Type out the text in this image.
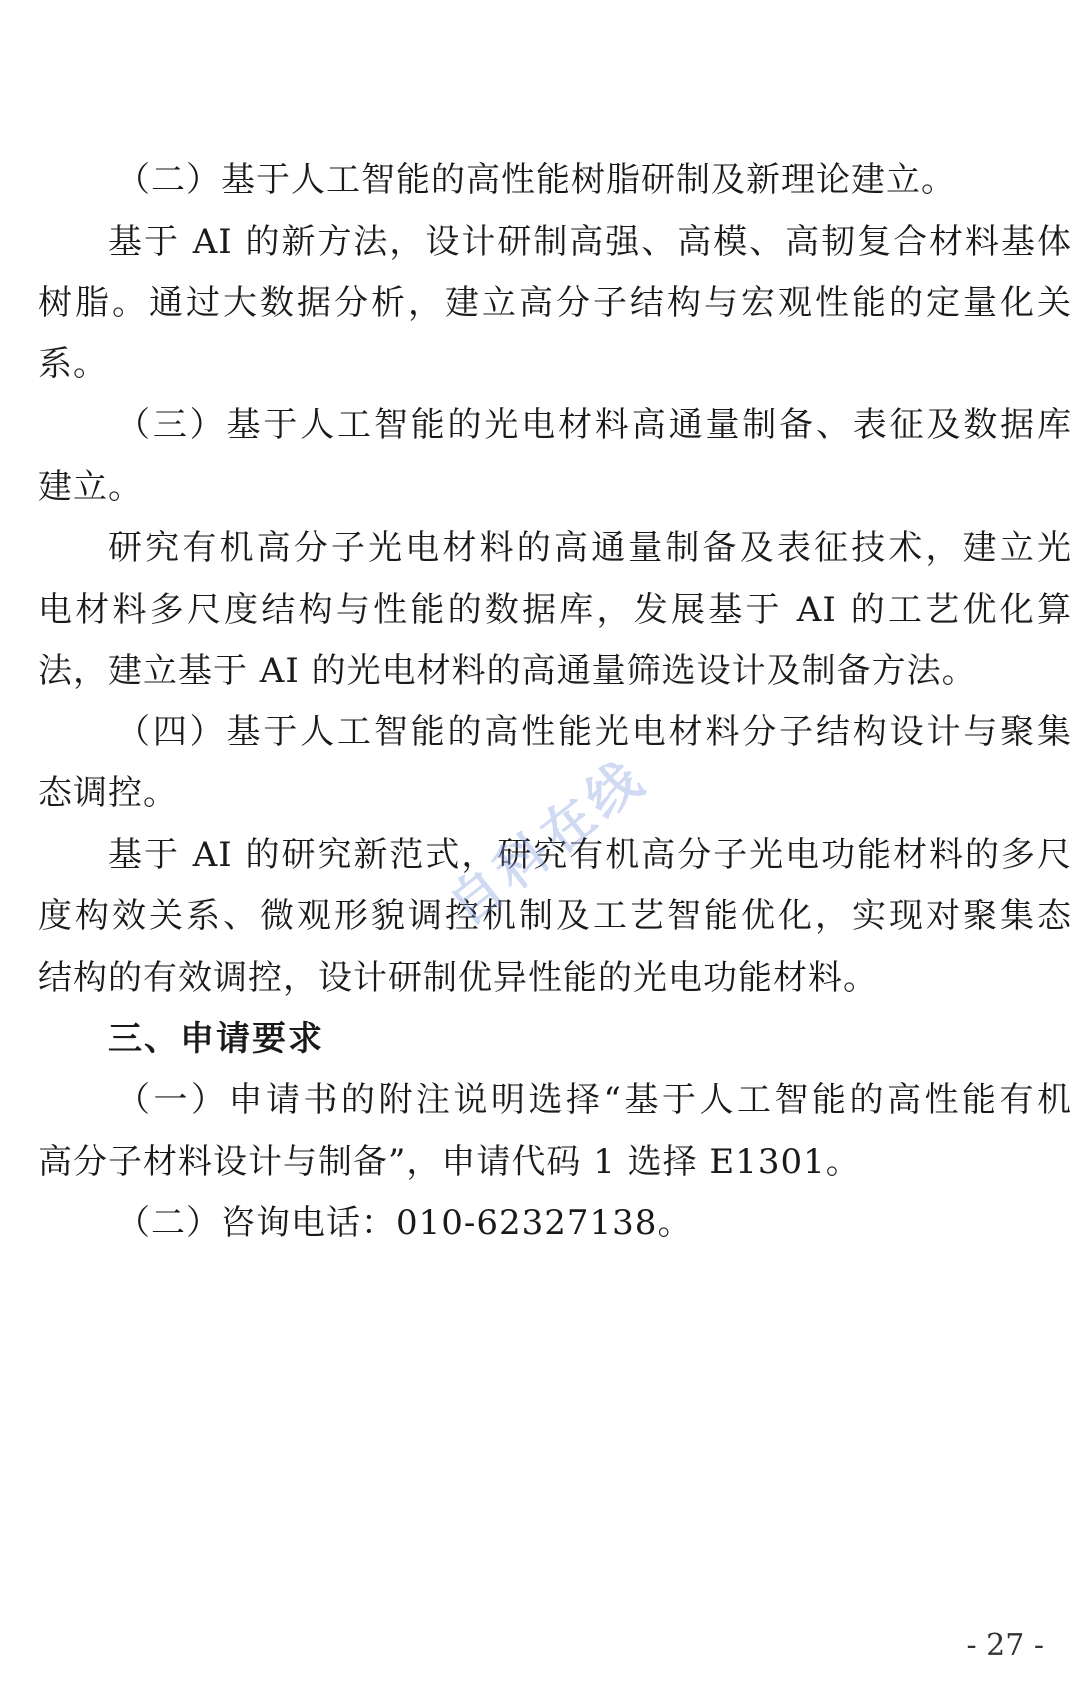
（二）基于人工智能的高性能树脂研制及新理论建立。
基于 AI 的新方法，设计研制高强、高模、高韧复合材料基体
树脂。通过大数据分析，建立高分子结构与宏观性能的定量化关
系。
（三）基于人工智能的光电材料高通量制备、表征及数据库
建立。
研究有机高分子光电材料的高通量制备及表征技术，建立光
电材料多尺度结构与性能的数据库，发展基于 AI 的工艺优化算
法，建立基于 AI 的光电材料的高通量筛选设计及制备方法。
（四）基于人工智能的高性能光电材料分子结构设计与聚集
态调控。
基于 AI 的研究新范式，研究有机高分子光电功能材料的多尺
度构效关系、微观形貌调控机制及工艺智能优化，实现对聚集态
结构的有效调控，设计研制优异性能的光电功能材料。
三、申请要求
（一）申请书的附注说明选择“基于人工智能的高性能有机
高分子材料设计与制备”，申请代码 1 选择 E1301。
（二）咨询电话：010-62327138。
自科在线
- 27 -
